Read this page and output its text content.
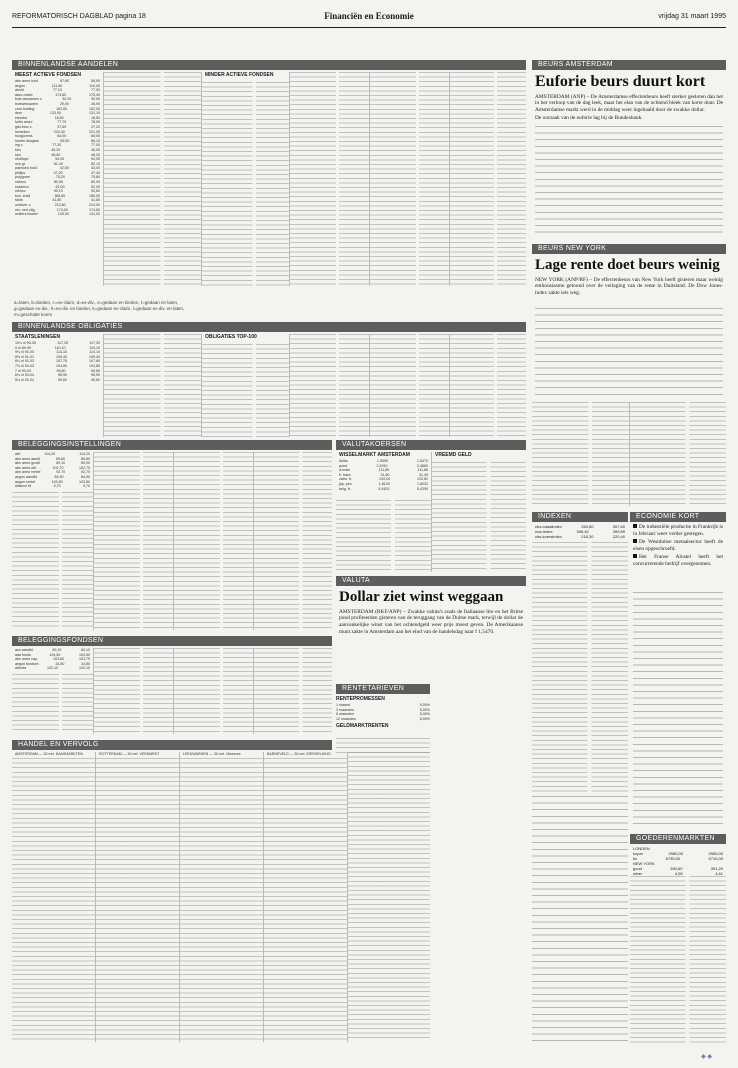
REFORMATORISCH DAGBLAD pagina 18	Financiën en Economie	vrijdag 31 maart 1995
BINNENLANDSE AANDELEN
MEEST ACTIEVE FONDSEN
abn amro hold	57,60	58,90
aegon	111,80	110,00
ahold	77,10	77,00
akzo nobel	173,60	175,40
bols wessanen c.	30,20	30,00
bolswessanen	29,00	28,90
cmd holding	102,60	102,00
dsm	133,90	131,10
elsevier	18,50	18,50
fortis amev	77,70	78,00
gist-broc c.	37,60	37,20
heineken	220,40	221,00
hoogovens	64,00	65,00
hunter douglas	65,50	66,10
ing c	77,30	77,00
klm	46,20	46,00
kpn	46,60	46,20
nedlloyd	54,20	54,90
oce gr.	81,40	82,10
pakhoed hold.	42,60	43,00
philips	47,20	47,40
polygram	75,20	75,80
robeco	80,50	80,90
rodamco	52,00	52,00
rolinco	90,10	90,60
kon. shell	188,80	189,00
stork	41,80	41,80
unilever c.	213,80	214,00
ver. ned uitg.	174,00	174,60
wolters kluwer	140,00	141,00
MINDER ACTIEVE FONDSEN
a=laten, b=bieden, c=ex-claim, d=ex-div., e=gedaan en bieden, f=gedaan en laten, g=gedaan ex-div., h=ex-div. en bieden, k=gedaan ex-claim, l=gedaan ex-div. en laten, m=geschatte koers
BINNENLANDSE OBLIGATIES
STAATSLENINGEN
10¼ nl 90-00	117,25	117,30
9 nl 89-99	110,10	110,10
9¾ nl 90-00	114,15	114,10
8½ nl 91-01	109,40	109,40
8¼ nl 92-02	107,75	107,80
7¾ nl 93-03	104,80	104,80
7 nl 93-03	99,60	99,60
6¾ nl 94-04	96,90	96,90
5¾ nl 93-04	90,60	90,60
OBLIGATIES TOP-100
BELEGGINGSINSTELLINGEN
abf	114,20	114,20
abn amro aandl	89,60	89,60
abn amro groeif	69,10	69,00
abn amro obl.	102,70	102,70
abn amro rentef	92,70	92,70
aegon aandfd	84,90	84,90
aegon rentef	103,50	103,50
alliance fd	9,70	9,70
VALUTAKOERSEN
WISSELMARKT AMSTERDAM
dollar	1,5500	1,5470
pond	2,4910	2,4880
d-mark	111,89	111,86
fr. franc	31,60	31,49
zwits. fr.	134,04	133,82
jap. yen	1,8100	1,8032
belg. fr.	5,4420	5,4395
VREEMD GELD
VALUTA
Dollar ziet winst weggaan

AMSTERDAM (RKF/ANP) – Zwakke valuta's zoals de Italiaanse lire en het Britse pond profiteerden gisteren van de teruggang van de Duitse mark, terwijl de dollar de aanvankelijke winst van het ochtendgeld weer prijs moest geven. De Amerikaanse munt zakte in Amsterdam aan het eind van de handelsdag naar f 1,5470.

BELEGGINGSFONDSEN
asn aandfd	60,10	60,10
aaa fonds	104,50	104,50
abn amro cap.	103,60	103,70
aegon fondsen	34,80	34,80
alrenta	102,10	102,10
RENTETARIEVEN
RENTEPROMESSEN
1 maand	5,00%
3 maanden	5,00%
6 maanden	5,00%
12 maanden	5,00%
GELDMARKTRENTEN
HANDEL EN VERVOLG
AMSTERDAM — 30 mrt. KAASMARKTEN	ROTTERDAM — 30 mrt. VEEMARKT	LEEUWARDEN — 30 mrt. Vleesvee	BARNEVELD — 30 mrt. EIERVELDING
BEURS AMSTERDAM
Euforie beurs duurt kort

AMSTERDAM (ANP) – De Amsterdamse effectenbeurs heeft sterker gesloten dan het in het verloop van de dag leek, maar het elan van de ochtend bleek van korte duur. De Amsterdamse markt werd in de middag weer ingehaald door de zwakke dollar.

De oorzaak van de euforie lag bij de Bundesbank.

BEURS NEW YORK
Lage rente doet beurs weinig

NEW YORK (ANP/RF) – De effectenbeurs van New York heeft gisteren maar weinig enthousiasme getoond over de verlaging van de rente in Duitsland. De Dow Jones-index zakte iets weg.

INDEXEN
cbs-totaalindex	264,60	267,60
eoe-index	396,40	399,89
cbs-koersindex	218,30	220,40
ECONOMIE KORT

De industriële productie in Frankrijk is in februari weer verder gestegen.

De Westduitse metaalsector heeft de eisen opgeschroefd.

Het Franse Alcatel heeft het concurrerende bedrijf overgenomen.

GOEDERENMARKTEN
LONDEN
koper	2980,00	2965,00
tin	5735,00	5710,00
NEW YORK
goud	390,60	391,20
zilver	4,59	4,61
◆ ◆
